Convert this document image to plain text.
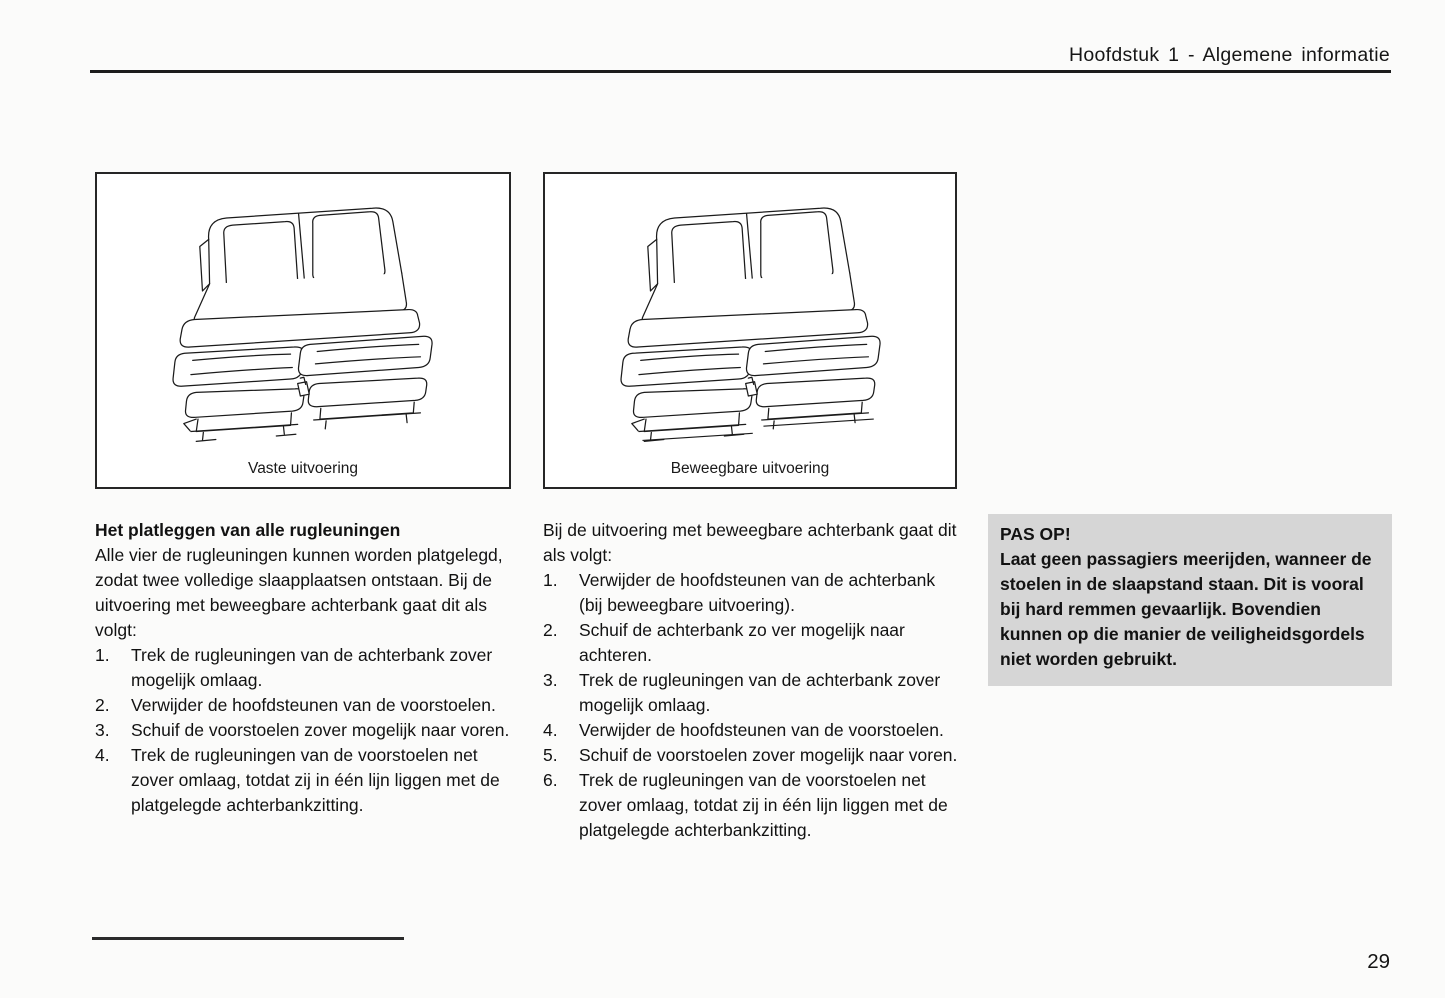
Hoofdstuk 1 - Algemene informatie
Vaste uitvoering	Beweegbare uitvoering
Het platleggen van alle rugleuningen
Alle vier de rugleuningen kunnen worden platgelegd, zodat twee volledige slaapplaatsen ontstaan. Bij de uitvoering met beweegbare achterbank gaat dit als volgt:
1.	Trek de rugleuningen van de achterbank zover mogelijk omlaag.
2.	Verwijder de hoofdsteunen van de voorstoelen.
3.	Schuif de voorstoelen zover mogelijk naar voren.
4.	Trek de rugleuningen van de voorstoelen net zover omlaag, totdat zij in één lijn liggen met de platgelegde achterbankzitting.
Bij de uitvoering met beweegbare achterbank gaat dit als volgt:
1.	Verwijder de hoofdsteunen van de achterbank (bij beweegbare uitvoering).
2.	Schuif de achterbank zo ver mogelijk naar achteren.
3.	Trek de rugleuningen van de achterbank zover mogelijk omlaag.
4.	Verwijder de hoofdsteunen van de voorstoelen.
5.	Schuif de voorstoelen zover mogelijk naar voren.
6.	Trek de rugleuningen van de voorstoelen net zover omlaag, totdat zij in één lijn liggen met de platgelegde achterbankzitting.
PAS OP!
Laat geen passagiers meerijden, wanneer de stoelen in de slaapstand staan. Dit is vooral bij hard remmen gevaarlijk. Bovendien kunnen op die manier de veiligheidsgordels niet worden gebruikt.
29
